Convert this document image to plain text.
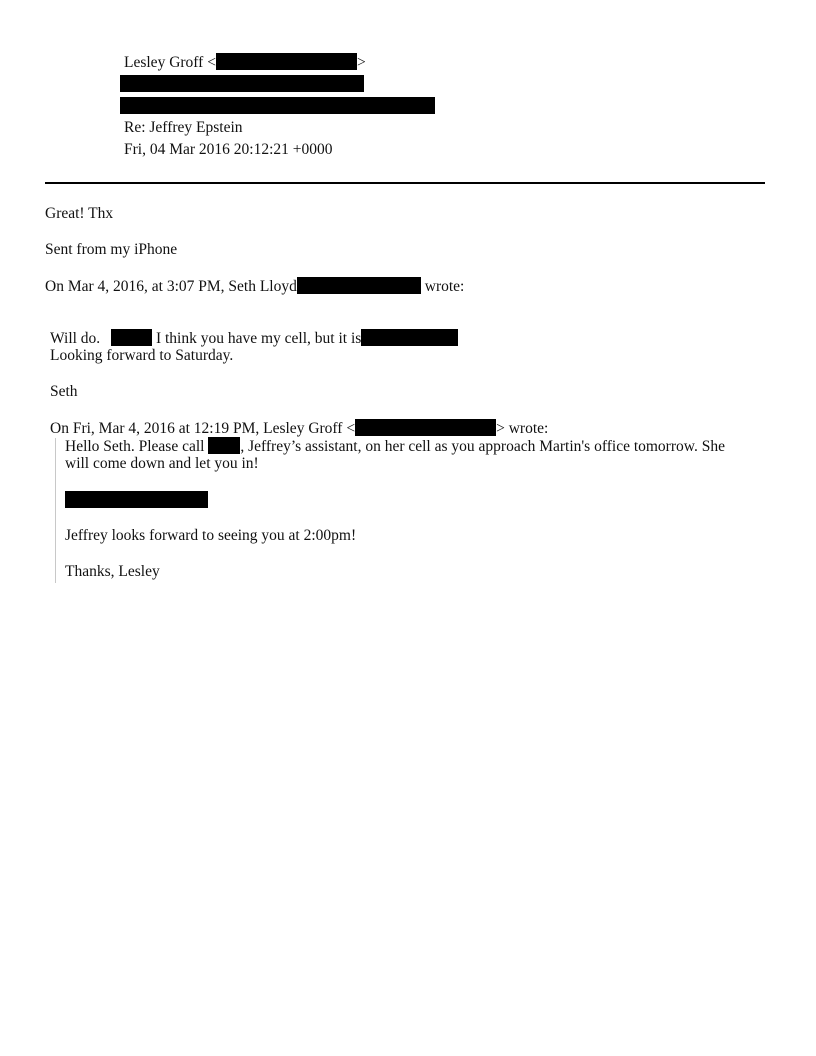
Lesley Groff <	>
Re: Jeffrey Epstein
Fri, 04 Mar 2016 20:12:21 +0000
Great! Thx
Sent from my iPhone
On Mar 4, 2016, at 3:07 PM, Seth Lloyd	wrote:
Will do.	I think you have my cell, but it is
Looking forward to Saturday.
Seth
On Fri, Mar 4, 2016 at 12:19 PM, Lesley Groff <	> wrote:
Hello Seth. Please call , Jeffrey’s assistant, on her cell as you approach Martin's office tomorrow. She
will come down and let you in!
Jeffrey looks forward to seeing you at 2:00pm!
Thanks, Lesley
